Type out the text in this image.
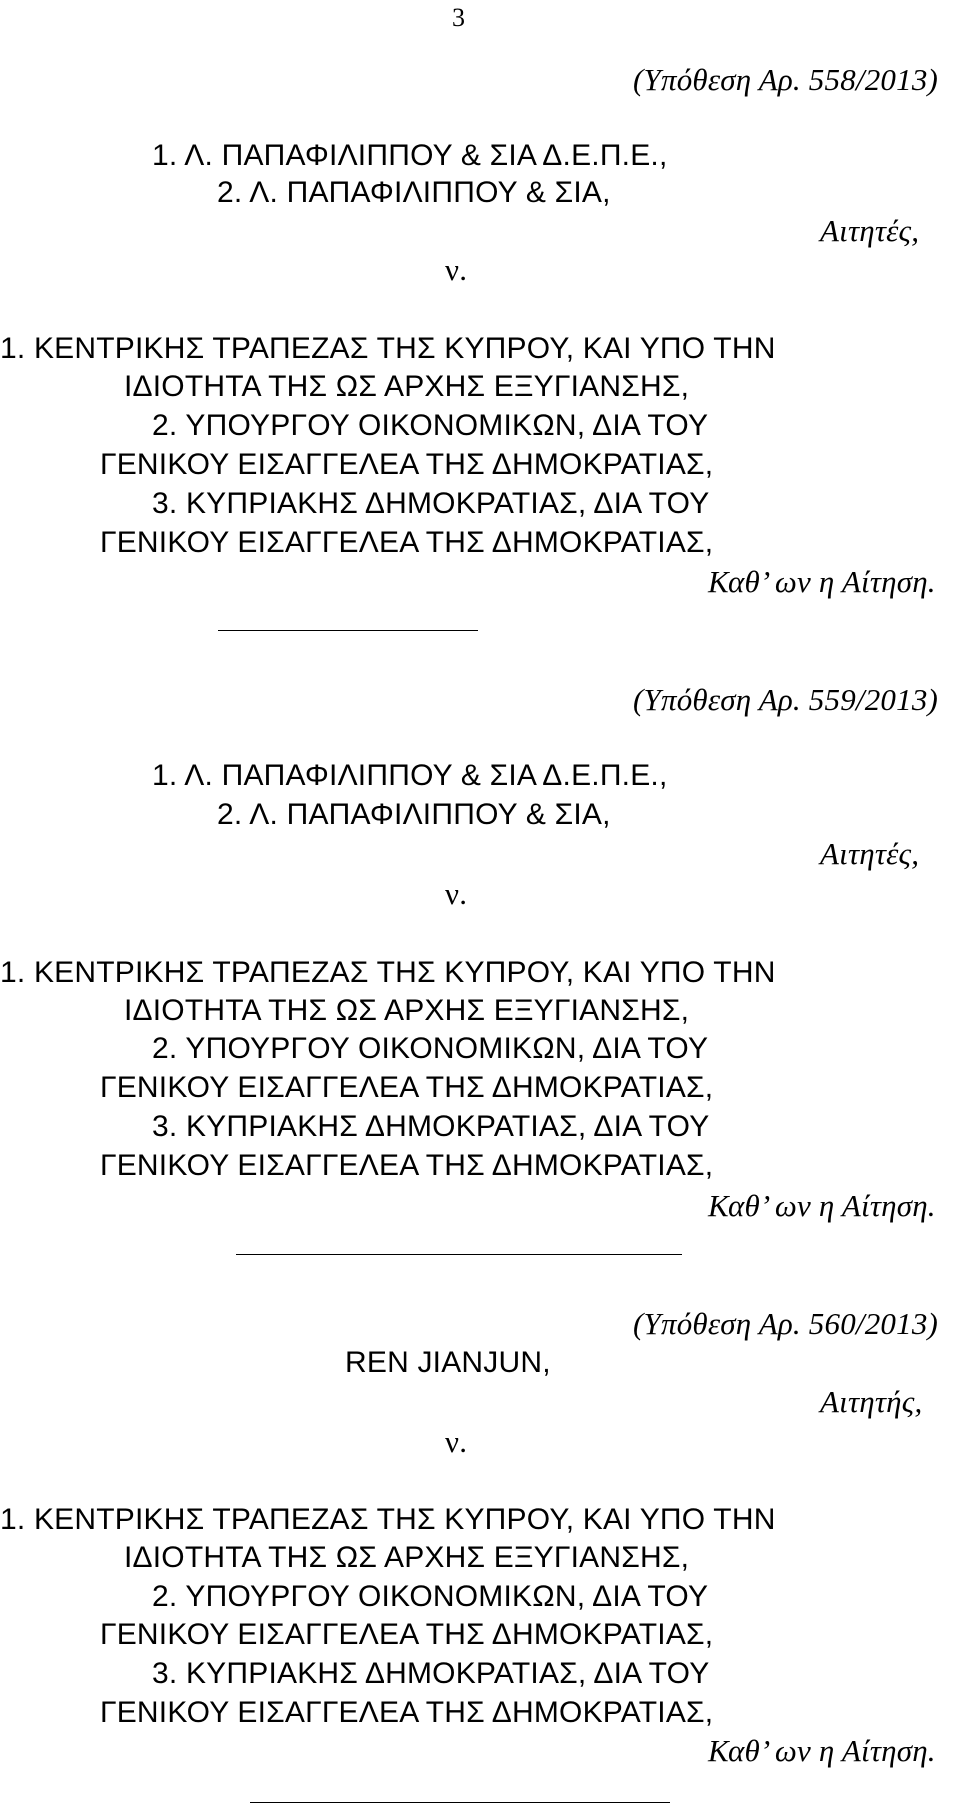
3
(Υπόθεση Αρ. 558/2013)
1. Λ. ΠΑΠΑΦΙΛΙΠΠΟΥ & ΣΙΑ Δ.Ε.Π.Ε.,
2. Λ. ΠΑΠΑΦΙΛΙΠΠΟΥ & ΣΙΑ,
Αιτητές,
ν.
1. ΚΕΝΤΡΙΚΗΣ ΤΡΑΠΕΖΑΣ ΤΗΣ ΚΥΠΡΟΥ, ΚΑΙ ΥΠΟ ΤΗΝ
ΙΔΙΟΤΗΤΑ ΤΗΣ ΩΣ ΑΡΧΗΣ ΕΞΥΓΙΑΝΣΗΣ,
2. ΥΠΟΥΡΓΟΥ ΟΙΚΟΝΟΜΙΚΩΝ, ΔΙΑ ΤΟΥ
ΓΕΝΙΚΟΥ ΕΙΣΑΓΓΕΛΕΑ ΤΗΣ ΔΗΜΟΚΡΑΤΙΑΣ,
3. ΚΥΠΡΙΑΚΗΣ ΔΗΜΟΚΡΑΤΙΑΣ, ΔΙΑ ΤΟΥ
ΓΕΝΙΚΟΥ ΕΙΣΑΓΓΕΛΕΑ ΤΗΣ ΔΗΜΟΚΡΑΤΙΑΣ,
Καθ’ ων η Αίτηση.
(Υπόθεση Αρ. 559/2013)
1. Λ. ΠΑΠΑΦΙΛΙΠΠΟΥ & ΣΙΑ Δ.Ε.Π.Ε.,
2. Λ. ΠΑΠΑΦΙΛΙΠΠΟΥ & ΣΙΑ,
Αιτητές,
ν.
1. ΚΕΝΤΡΙΚΗΣ ΤΡΑΠΕΖΑΣ ΤΗΣ ΚΥΠΡΟΥ, ΚΑΙ ΥΠΟ ΤΗΝ
ΙΔΙΟΤΗΤΑ ΤΗΣ ΩΣ ΑΡΧΗΣ ΕΞΥΓΙΑΝΣΗΣ,
2. ΥΠΟΥΡΓΟΥ ΟΙΚΟΝΟΜΙΚΩΝ, ΔΙΑ ΤΟΥ
ΓΕΝΙΚΟΥ ΕΙΣΑΓΓΕΛΕΑ ΤΗΣ ΔΗΜΟΚΡΑΤΙΑΣ,
3. ΚΥΠΡΙΑΚΗΣ ΔΗΜΟΚΡΑΤΙΑΣ, ΔΙΑ ΤΟΥ
ΓΕΝΙΚΟΥ ΕΙΣΑΓΓΕΛΕΑ ΤΗΣ ΔΗΜΟΚΡΑΤΙΑΣ,
Καθ’ ων η Αίτηση.
(Υπόθεση Αρ. 560/2013)
REN JIANJUN,
Αιτητής,
ν.
1. ΚΕΝΤΡΙΚΗΣ ΤΡΑΠΕΖΑΣ ΤΗΣ ΚΥΠΡΟΥ, ΚΑΙ ΥΠΟ ΤΗΝ
ΙΔΙΟΤΗΤΑ ΤΗΣ ΩΣ ΑΡΧΗΣ ΕΞΥΓΙΑΝΣΗΣ,
2. ΥΠΟΥΡΓΟΥ ΟΙΚΟΝΟΜΙΚΩΝ, ΔΙΑ ΤΟΥ
ΓΕΝΙΚΟΥ ΕΙΣΑΓΓΕΛΕΑ ΤΗΣ ΔΗΜΟΚΡΑΤΙΑΣ,
3. ΚΥΠΡΙΑΚΗΣ ΔΗΜΟΚΡΑΤΙΑΣ, ΔΙΑ ΤΟΥ
ΓΕΝΙΚΟΥ ΕΙΣΑΓΓΕΛΕΑ ΤΗΣ ΔΗΜΟΚΡΑΤΙΑΣ,
Καθ’ ων η Αίτηση.
